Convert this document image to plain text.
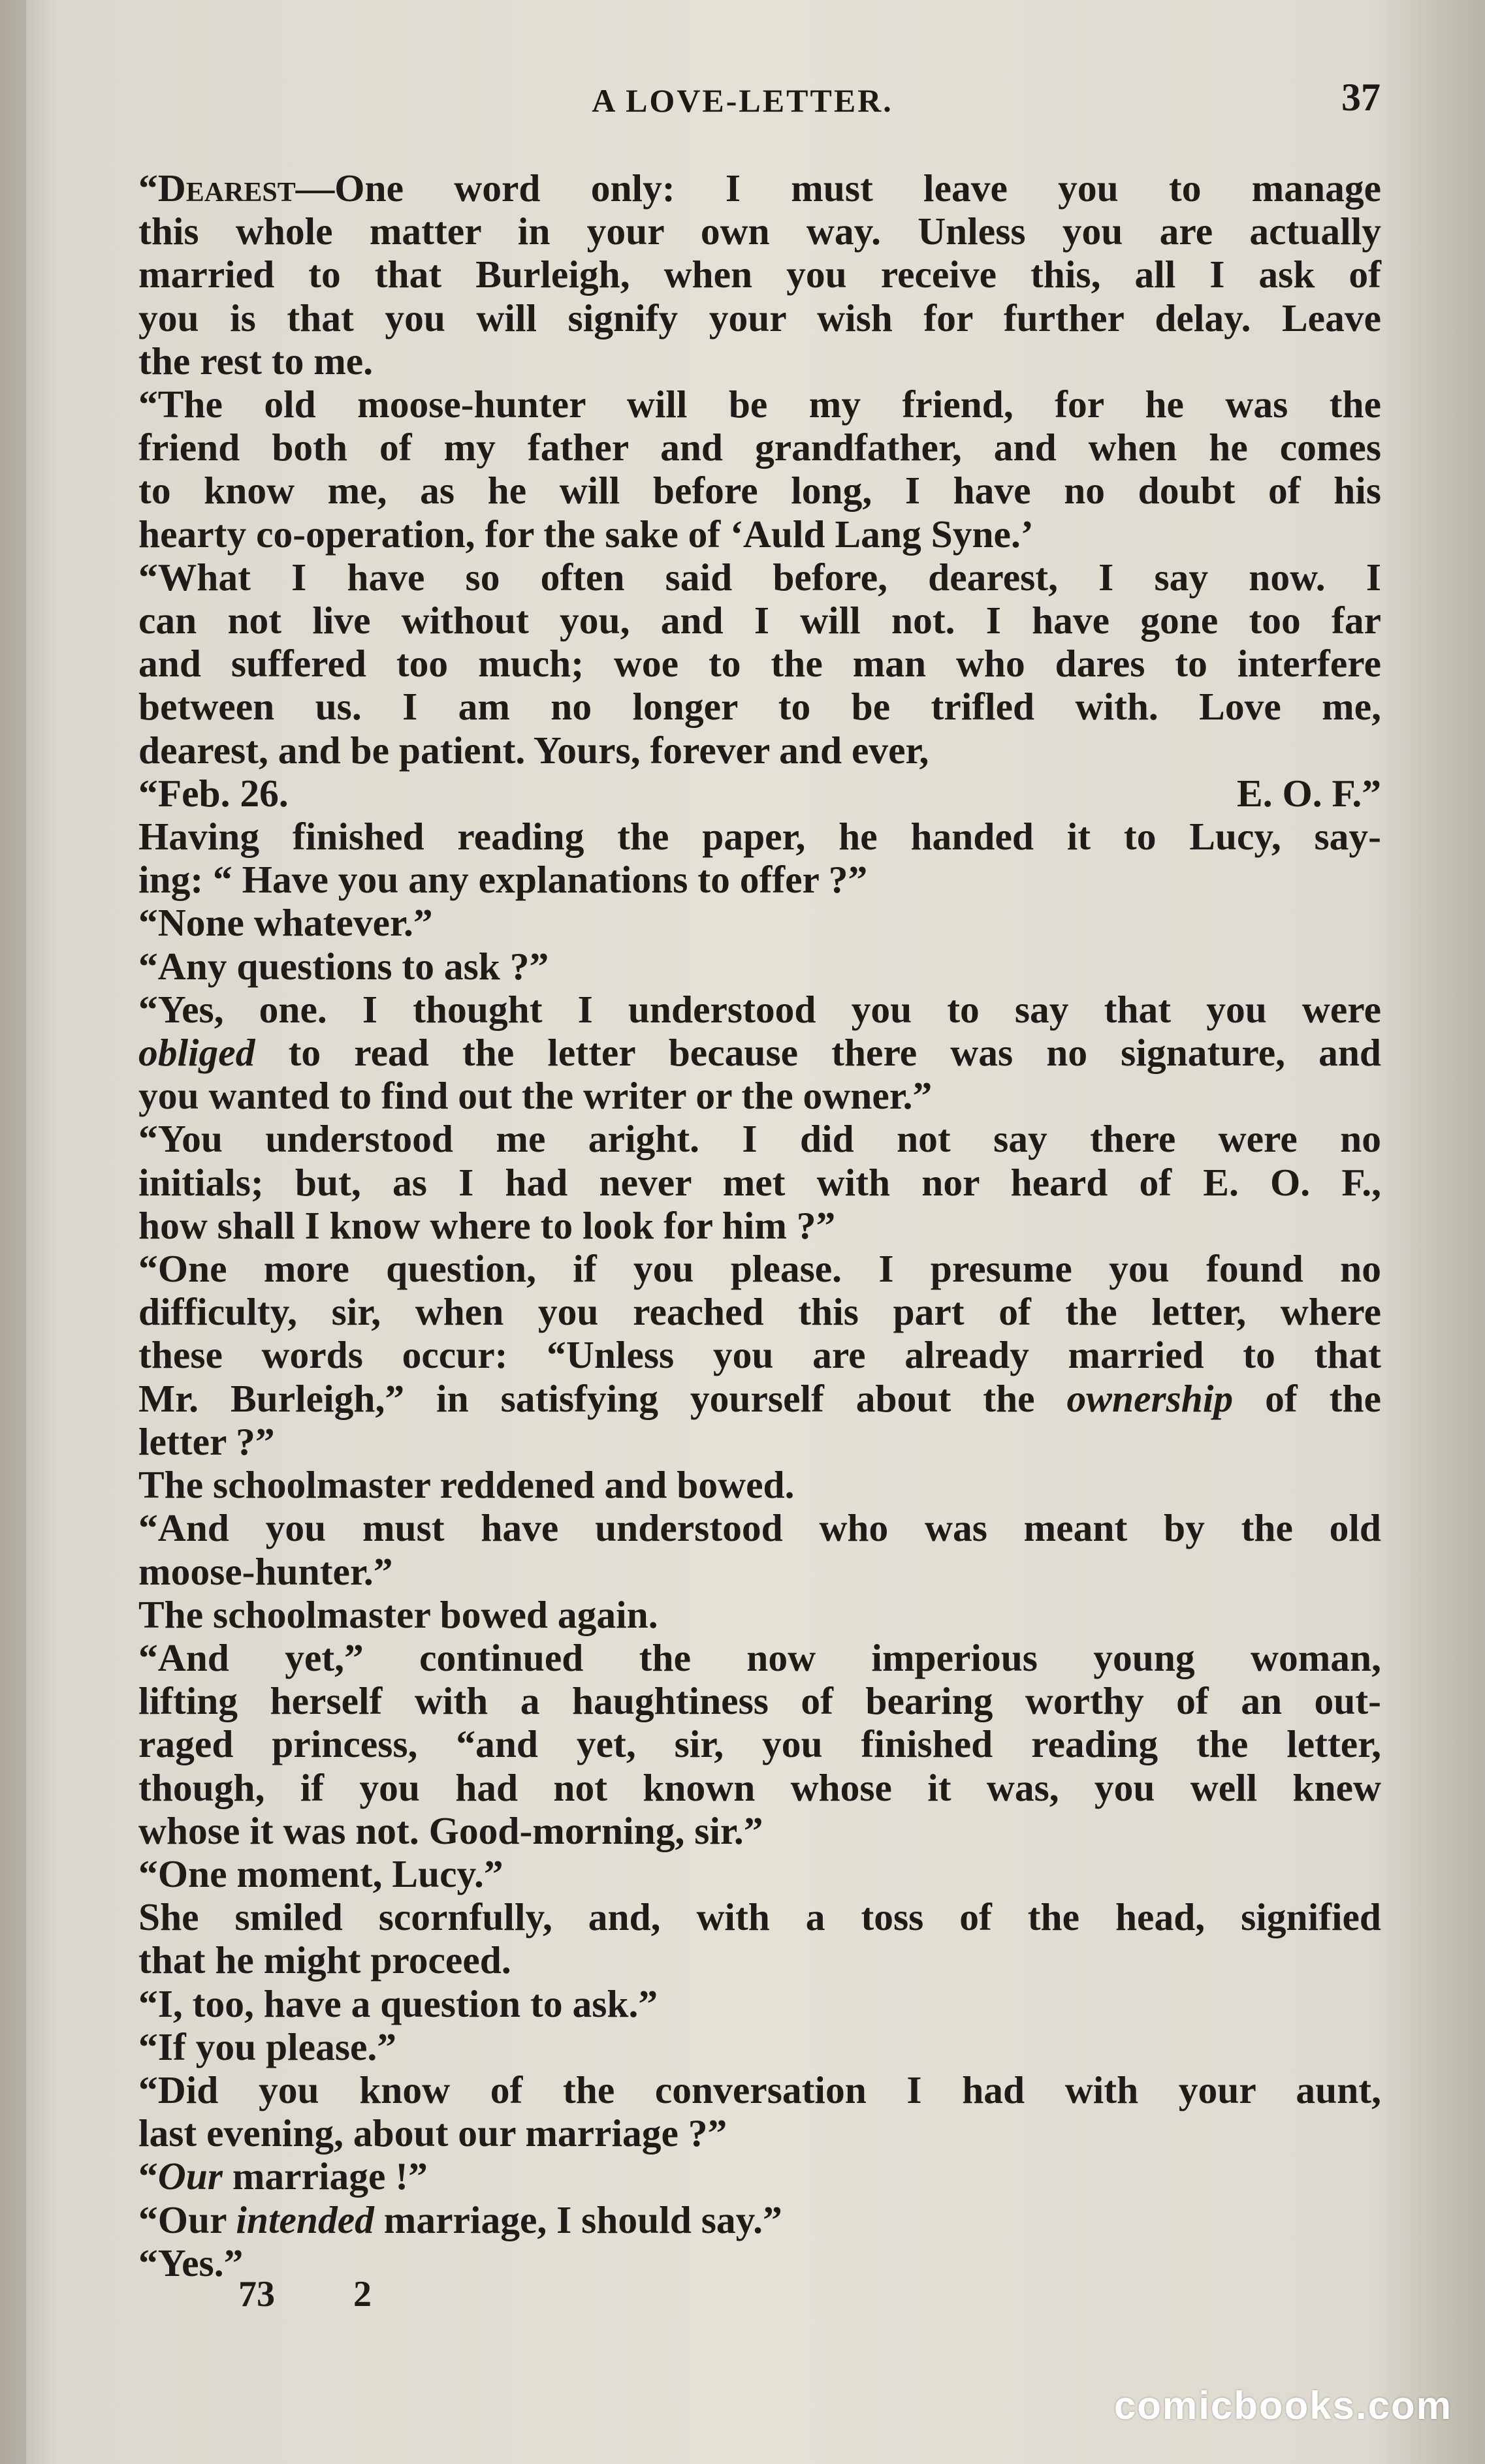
A LOVE-LETTER.	37
“Dearest—One word only: I must leave you to manage
this whole matter in your own way. Unless you are actually
married to that Burleigh, when you receive this, all I ask of
you is that you will signify your wish for further delay. Leave
the rest to me.
“The old moose-hunter will be my friend, for he was the
friend both of my father and grandfather, and when he comes
to know me, as he will before long, I have no doubt of his
hearty co-operation, for the sake of ‘Auld Lang Syne.’
“What I have so often said before, dearest, I say now. I
can not live without you, and I will not. I have gone too far
and suffered too much; woe to the man who dares to interfere
between us. I am no longer to be trifled with. Love me,
dearest, and be patient. Yours, forever and ever,
“Feb. 26.	E. O. F.”
Having finished reading the paper, he handed it to Lucy, say-
ing: “ Have you any explanations to offer ?”
“None whatever.”
“Any questions to ask ?”
“Yes, one. I thought I understood you to say that you were
obliged to read the letter because there was no signature, and
you wanted to find out the writer or the owner.”
“You understood me aright. I did not say there were no
initials; but, as I had never met with nor heard of E. O. F.,
how shall I know where to look for him ?”
“One more question, if you please. I presume you found no
difficulty, sir, when you reached this part of the letter, where
these words occur: “Unless you are already married to that
Mr. Burleigh,” in satisfying yourself about the ownership of the
letter ?”
The schoolmaster reddened and bowed.
“And you must have understood who was meant by the old
moose-hunter.”
The schoolmaster bowed again.
“And yet,” continued the now imperious young woman,
lifting herself with a haughtiness of bearing worthy of an out-
raged princess, “and yet, sir, you finished reading the letter,
though, if you had not known whose it was, you well knew
whose it was not. Good-morning, sir.”
“One moment, Lucy.”
She smiled scornfully, and, with a toss of the head, signified
that he might proceed.
“I, too, have a question to ask.”
“If you please.”
“Did you know of the conversation I had with your aunt,
last evening, about our marriage ?”
“Our marriage !”
“Our intended marriage, I should say.”
“Yes.”
73 2
comicbooks.com
